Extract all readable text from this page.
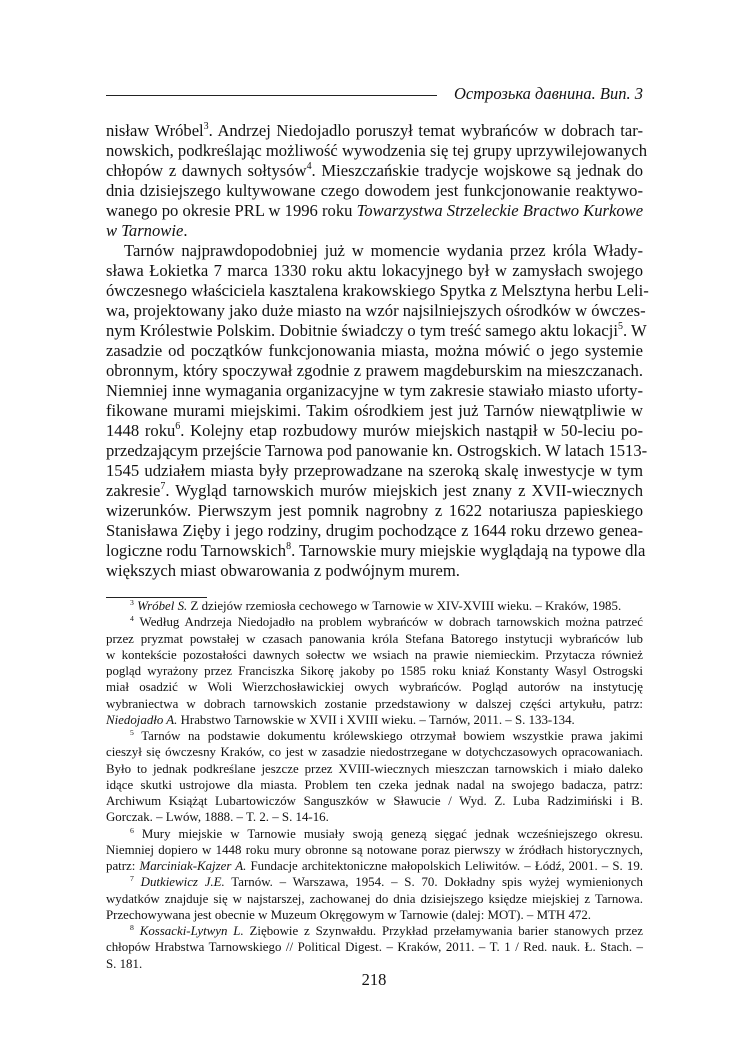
Острозька давнина. Вип. 3
nisław Wróbel$^3$. Andrzej Niedojadlo poruszył temat wybrańców w dobrach tar-
nowskich, podkreślając możliwość wywodzenia się tej grupy uprzywilejowanych
chłopów z dawnych sołtysów$^4$. Mieszczańskie tradycje wojskowe są jednak do
dnia dzisiejszego kultywowane czego dowodem jest funkcjonowanie reaktywo-
wanego po okresie PRL w 1996 roku Towarzystwa Strzeleckie Bractwo Kurkowe
w Tarnowie.
Tarnów najprawdopodobniej już w momencie wydania przez króla Włady-
sława Łokietka 7 marca 1330 roku aktu lokacyjnego był w zamysłach swojego
ówczesnego właściciela kasztalena krakowskiego Spytka z Melsztyna herbu Leli-
wa, projektowany jako duże miasto na wzór najsilniejszych ośrodków w ówczes-
nym Królestwie Polskim. Dobitnie świadczy o tym treść samego aktu lokacji$^5$. W
zasadzie od początków funkcjonowania miasta, można mówić o jego systemie
obronnym, który spoczywał zgodnie z prawem magdeburskim na mieszczanach.
Niemniej inne wymagania organizacyjne w tym zakresie stawiało miasto uforty-
fikowane murami miejskimi. Takim ośrodkiem jest już Tarnów niewątpliwie w
1448 roku$^6$. Kolejny etap rozbudowy murów miejskich nastąpił w 50-leciu po-
przedzającym przejście Tarnowa pod panowanie kn. Ostrogskich. W latach 1513-
1545 udziałem miasta były przeprowadzane na szeroką skalę inwestycje w tym
zakresie$^7$. Wygląd tarnowskich murów miejskich jest znany z XVII-wiecznych
wizerunków. Pierwszym jest pomnik nagrobny z 1622 notariusza papieskiego
Stanisława Zięby i jego rodziny, drugim pochodzące z 1644 roku drzewo genea-
logiczne rodu Tarnowskich$^8$. Tarnowskie mury miejskie wyglądają na typowe dla
większych miast obwarowania z podwójnym murem.
$^3$ Wróbel S. Z dziejów rzemiosła cechowego w Tarnowie w XIV-XVIII wieku. – Kraków, 1985.
$^4$ Według Andrzeja Niedojadło na problem wybrańców w dobrach tarnowskich można patrzeć
przez pryzmat powstałej w czasach panowania króla Stefana Batorego instytucji wybrańców lub
w kontekście pozostałości dawnych sołectw we wsiach na prawie niemieckim. Przytacza również
pogląd wyrażony przez Franciszka Sikorę jakoby po 1585 roku kniaź Konstanty Wasyl Ostrogski
miał osadzić w Woli Wierzchosławickiej owych wybrańców. Pogląd autorów na instytucję
wybraniectwa w dobrach tarnowskich zostanie przedstawiony w dalszej części artykułu, patrz:
Niedojadło A. Hrabstwo Tarnowskie w XVII i XVIII wieku. – Tarnów, 2011. – S. 133-134.
$^5$ Tarnów na podstawie dokumentu królewskiego otrzymał bowiem wszystkie prawa jakimi
cieszył się ówczesny Kraków, co jest w zasadzie niedostrzegane w dotychczasowych opracowaniach.
Było to jednak podkreślane jeszcze przez XVIII-wiecznych mieszczan tarnowskich i miało daleko
idące skutki ustrojowe dla miasta. Problem ten czeka jednak nadal na swojego badacza, patrz:
Archiwum Książąt Lubartowiczów Sanguszków w Sławucie / Wyd. Z. Luba Radzimiński i B.
Gorczak. – Lwów, 1888. – T. 2. – S. 14-16.
$^6$ Mury miejskie w Tarnowie musiały swoją genezą sięgać jednak wcześniejszego okresu.
Niemniej dopiero w 1448 roku mury obronne są notowane poraz pierwszy w źródłach historycznych,
patrz: Marciniak-Kajzer A. Fundacje architektoniczne małopolskich Leliwitów. – Łódź, 2001. – S. 19.
$^7$ Dutkiewicz J.E. Tarnów. – Warszawa, 1954. – S. 70. Dokładny spis wyżej wymienionych
wydatków znajduje się w najstarszej, zachowanej do dnia dzisiejszego księdze miejskiej z Tarnowa.
Przechowywana jest obecnie w Muzeum Okręgowym w Tarnowie (dalej: MOT). – MTH 472.
$^8$ Kossacki-Lytwyn L. Ziębowie z Szynwałdu. Przykład przełamywania barier stanowych przez
chłopów Hrabstwa Tarnowskiego // Political Digest. – Kraków, 2011. – T. 1 / Red. nauk. Ł. Stach. –
S. 181.
218
